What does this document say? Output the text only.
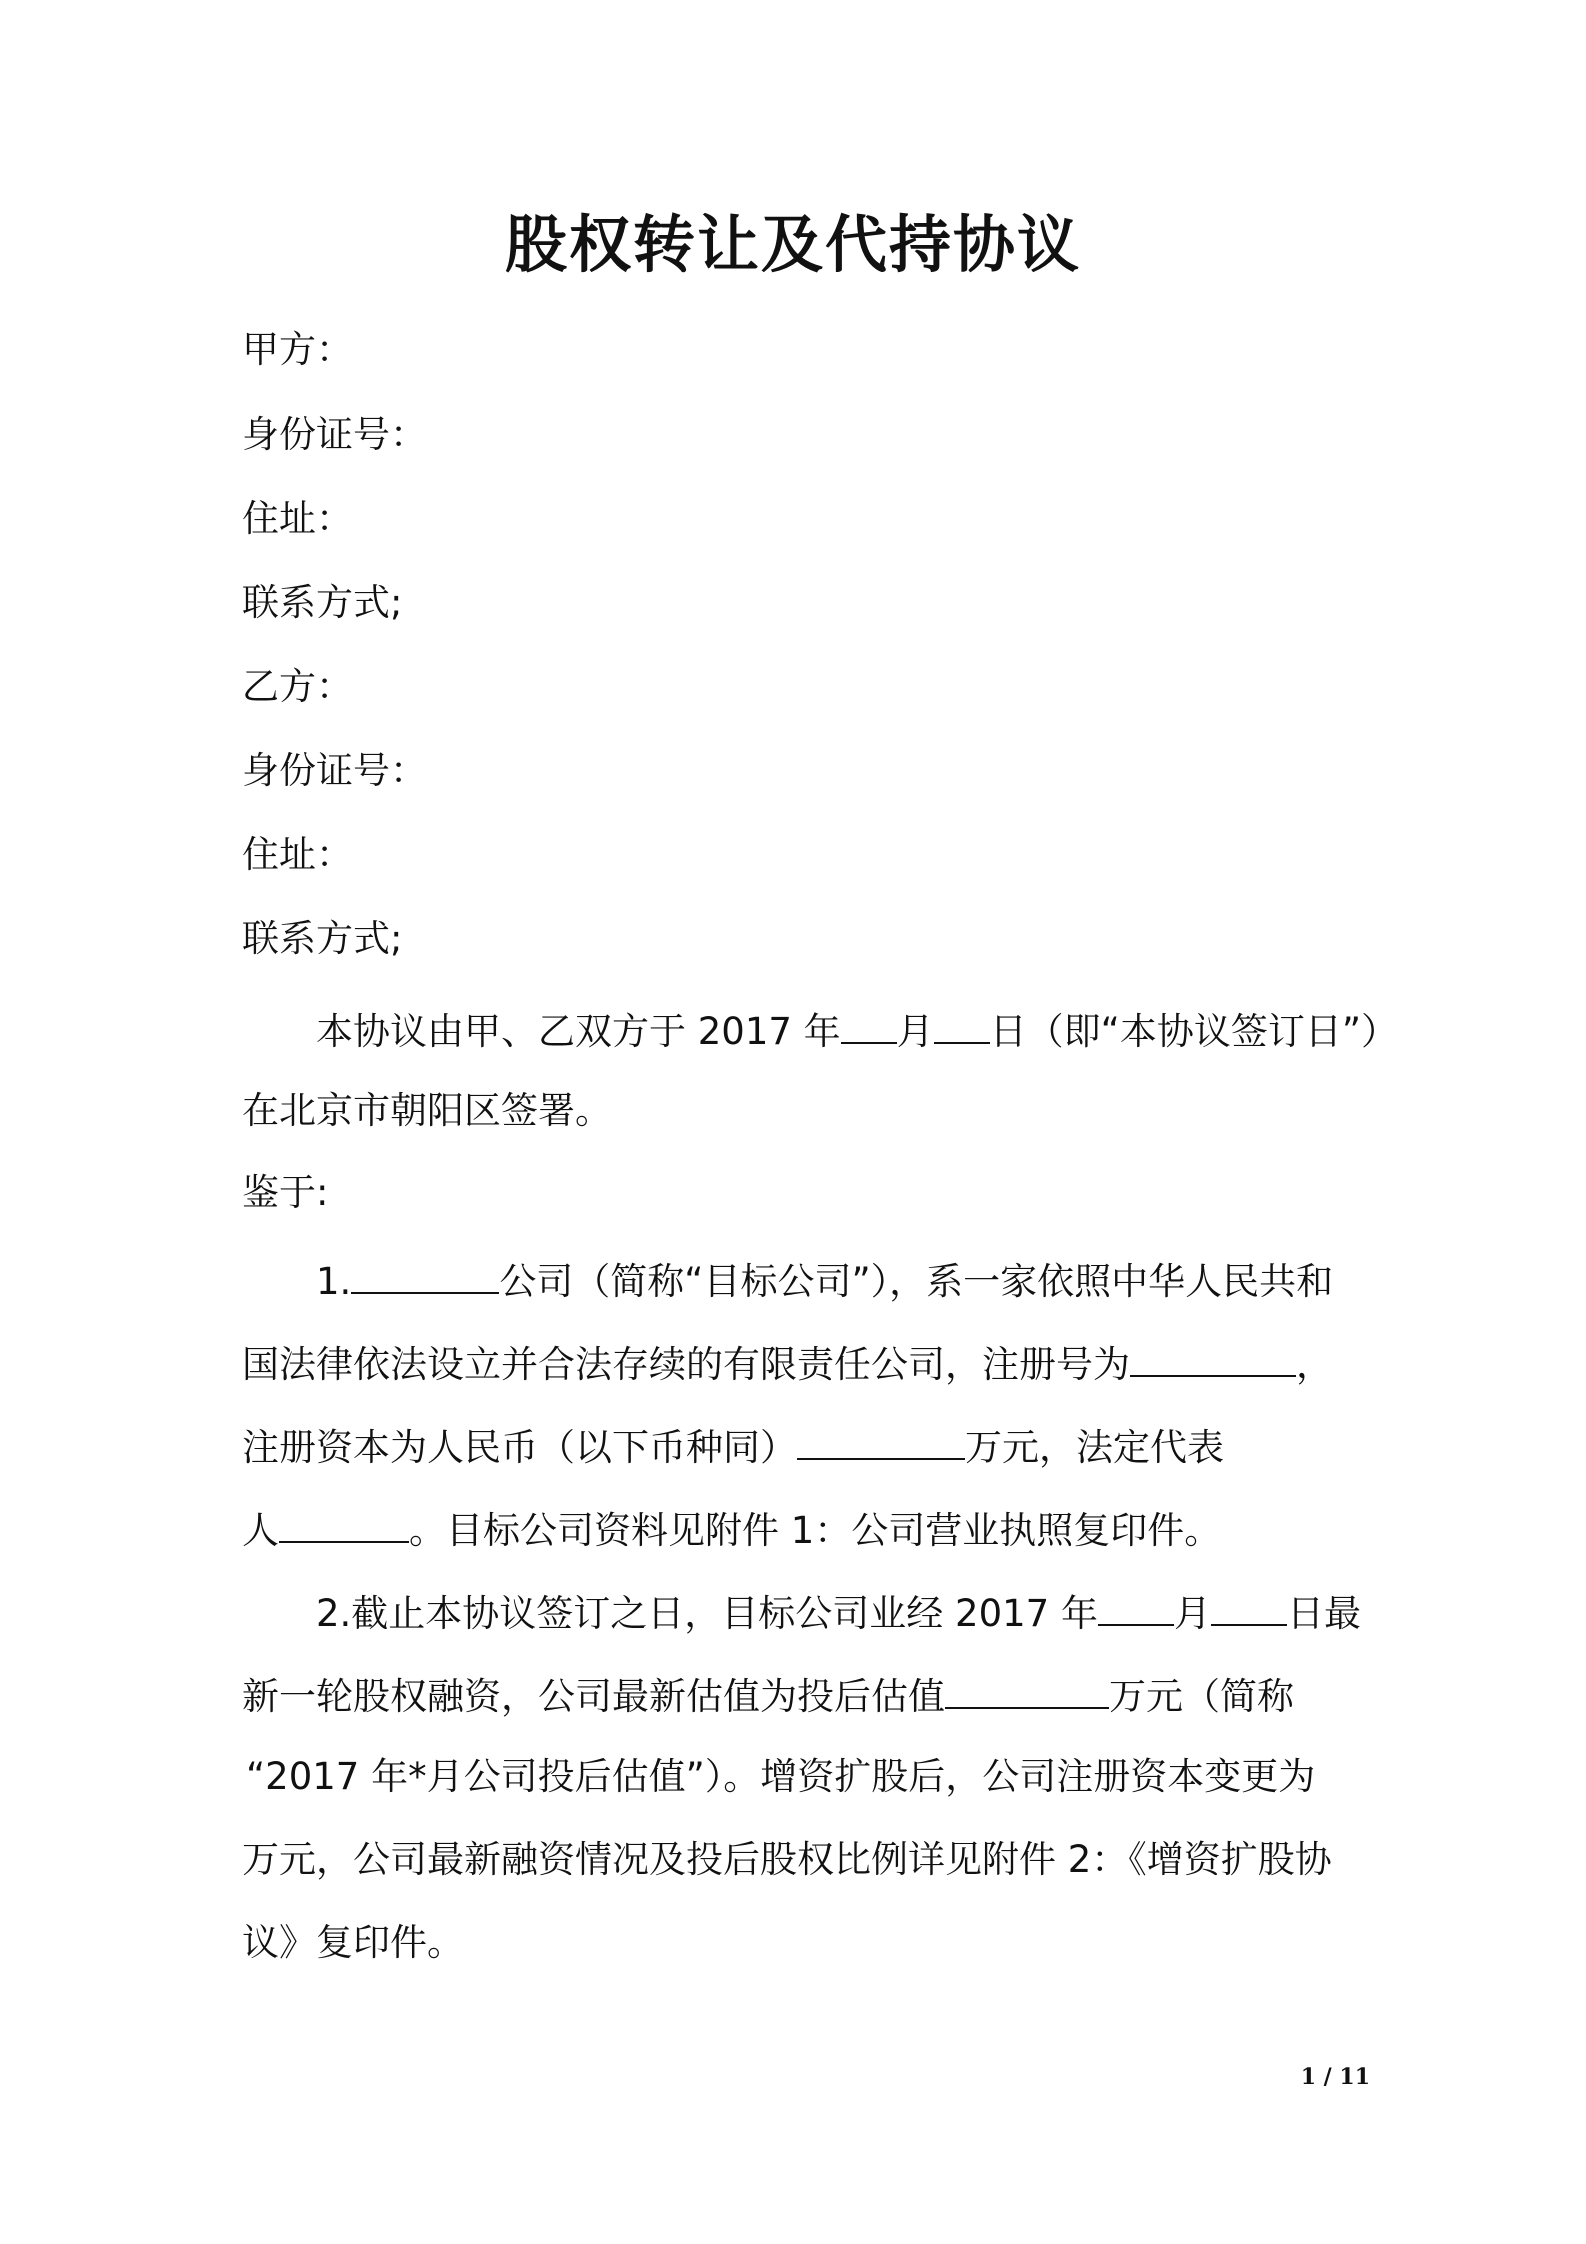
股权转让及代持协议
甲方：
身份证号：
住址：
联系方式;
乙方：
身份证号：
住址：
联系方式;
本协议由甲、乙双方于 2017 年 月 日（即“本协议签订日”）
在北京市朝阳区签署。
鉴于:
1.	公司（简称“目标公司”），系一家依照中华人民共和
国法律依法设立并合法存续的有限责任公司，注册号为	，
注册资本为人民币（以下币种同）	万元，法定代表
人	。目标公司资料见附件 1：公司营业执照复印件。
2.截止本协议签订之日，目标公司业经 2017 年 月 日最
新一轮股权融资，公司最新估值为投后估值	万元（简称
“2017 年*月公司投后估值”）。增资扩股后，公司注册资本变更为
万元，公司最新融资情况及投后股权比例详见附件 2：《增资扩股协
议》复印件。
1 / 11
